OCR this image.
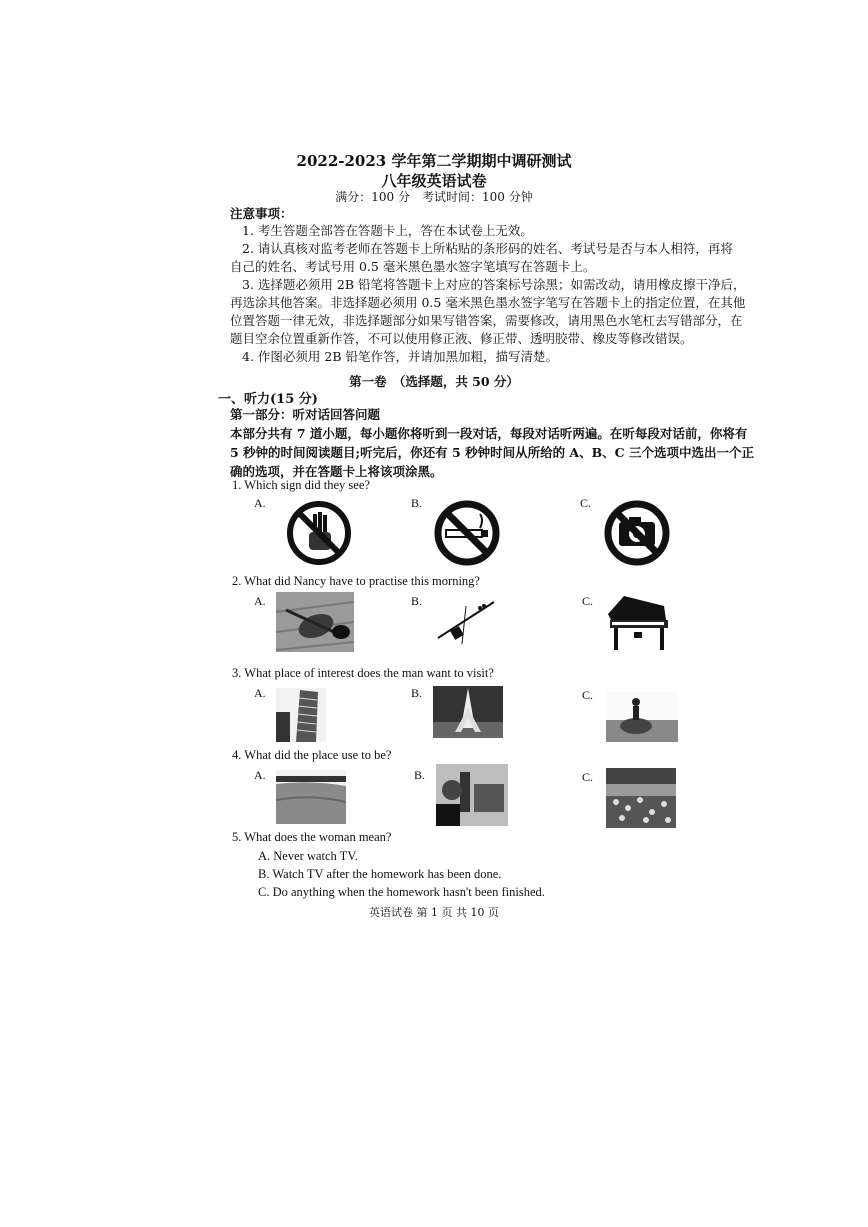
2022-2023 学年第二学期期中调研测试
八年级英语试卷
满分：100 分　考试时间：100 分钟
注意事项：
1. 考生答题全部答在答题卡上，答在本试卷上无效。
2. 请认真核对监考老师在答题卡上所粘贴的条形码的姓名、考试号是否与本人相符，再将
自己的姓名、考试号用 0.5 毫米黑色墨水签字笔填写在答题卡上。
3. 选择题必须用 2B 铅笔将答题卡上对应的答案标号涂黑；如需改动，请用橡皮擦干净后，
再选涂其他答案。非选择题必须用 0.5 毫米黑色墨水签字笔写在答题卡上的指定位置，在其他
位置答题一律无效，非选择题部分如果写错答案，需要修改，请用黑色水笔杠去写错部分，在
题目空余位置重新作答，不可以使用修正液、修正带、透明胶带、橡皮等修改错误。
4. 作图必须用 2B 铅笔作答，并请加黑加粗，描写清楚。
第一卷　（选择题，共 50 分）
一、听力(15 分)
第一部分：听对话回答问题
本部分共有 7 道小题，每小题你将听到一段对话，每段对话听两遍。在听每段对话前，你将有
5 秒钟的时间阅读题目;听完后，你还有 5 秒钟时间从所给的 A、B、C 三个选项中选出一个正
确的选项，并在答题卡上将该项涂黑。
1. Which sign did they see?
A.	B.	C.
2. What did Nancy have to practise this morning?
A.	B.	C.
3. What place of interest does the man want to visit?
A.	B.	C.
4. What did the place use to be?
A.	B.	C.
5. What does the woman mean?
A. Never watch TV.
B. Watch TV after the homework has been done.
C. Do anything when the homework hasn't been finished.
英语试卷 第 1 页 共 10 页
